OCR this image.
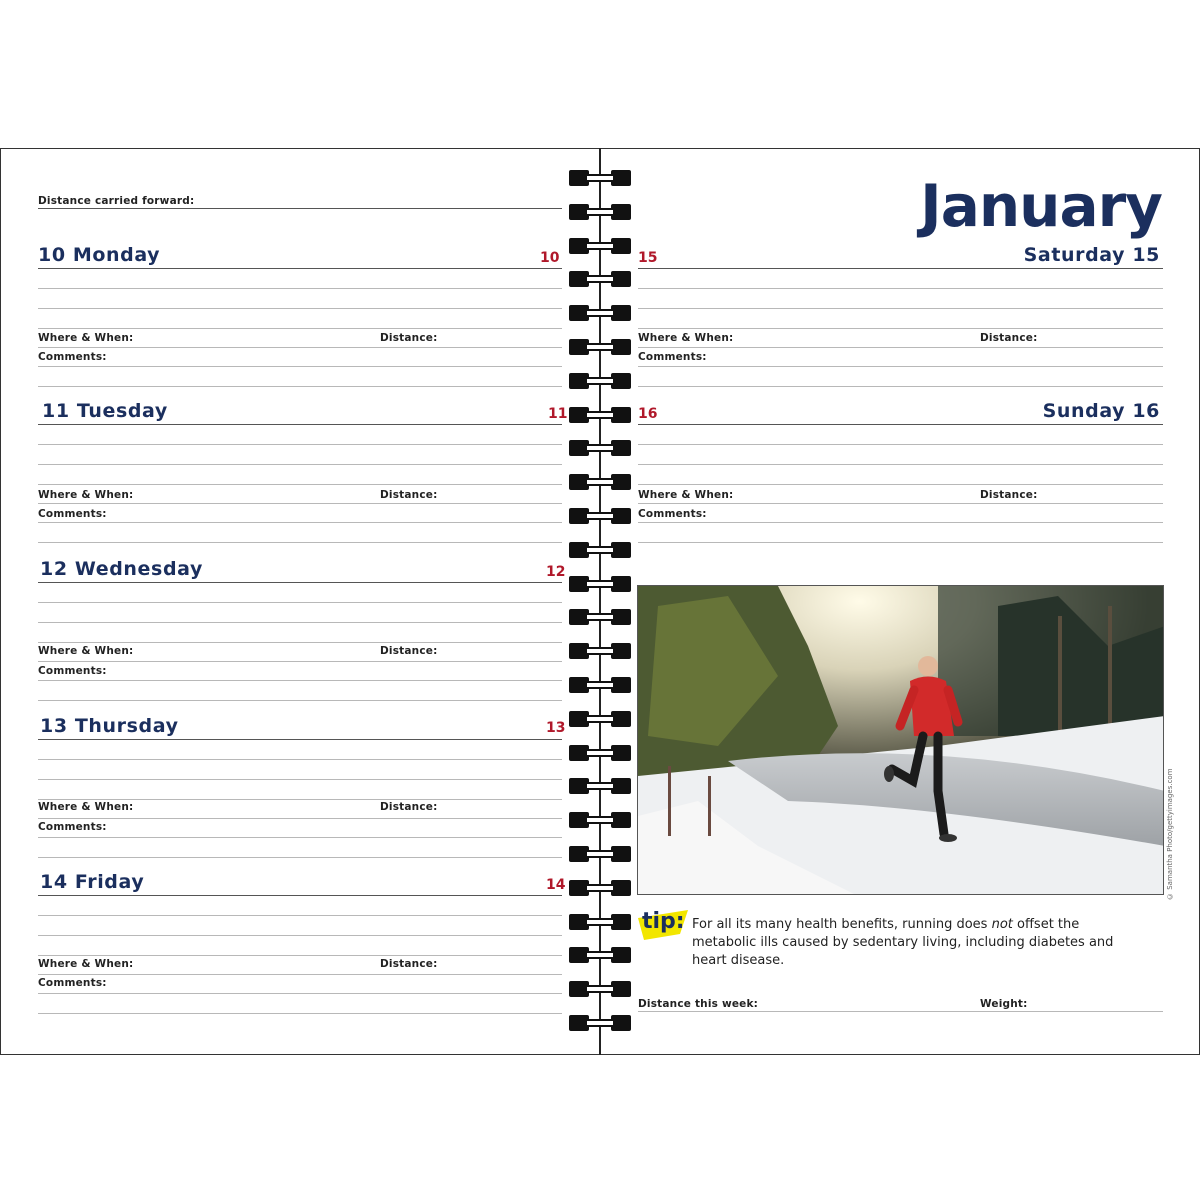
Distance carried forward:
10 Monday	10
11 Tuesday	11
12 Wednesday	12
13 Thursday	13
14 Friday	14
Where & When:	Distance:
Comments:
Where & When:	Distance:
Comments:
Where & When:	Distance:
Comments:
Where & When:	Distance:
Comments:
Where & When:	Distance:
Comments:
January
15	Saturday 15
16	Sunday 16
Where & When:	Distance:
Comments:
Where & When:	Distance:
Comments:
© Samantha Photo/gettyimages.com
tip: For all its many health benefits, running does not offset the metabolic ills caused by sedentary living, including diabetes and heart disease.
Distance this week:	Weight:
